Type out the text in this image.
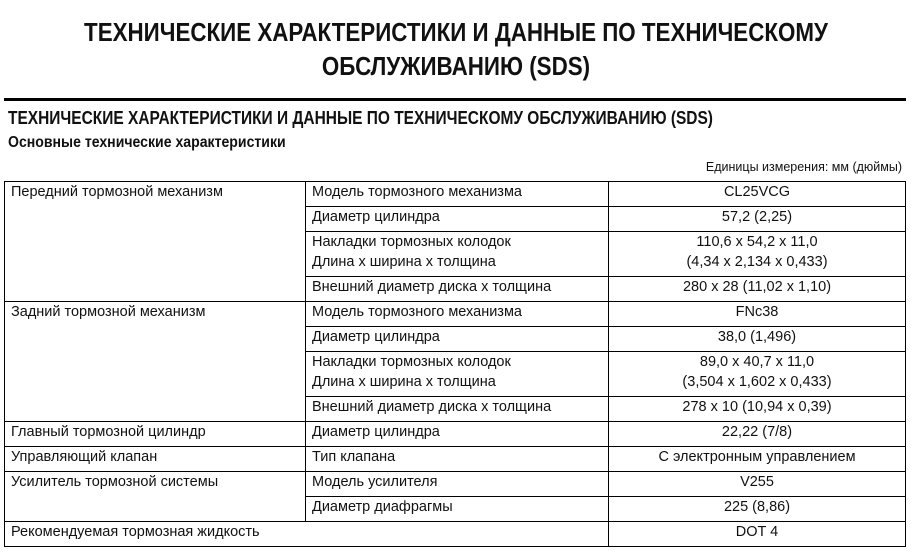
ТЕХНИЧЕСКИЕ ХАРАКТЕРИСТИКИ И ДАННЫЕ ПО ТЕХНИЧЕСКОМУ
ОБСЛУЖИВАНИЮ (SDS)
ТЕХНИЧЕСКИЕ ХАРАКТЕРИСТИКИ И ДАННЫЕ ПО ТЕХНИЧЕСКОМУ ОБСЛУЖИВАНИЮ (SDS)
Основные технические характеристики
Единицы измерения: мм (дюймы)
Передний тормозной механизм	Модель тормозного механизма	CL25VCG

	Диаметр цилиндра	57,2 (2,25)

	Накладки тормозных колодок
Длина х ширина х толщина	110,6 х 54,2 х 11,0
(4,34 х 2,134 х 0,433)

	Внешний диаметр диска х толщина	280 х 28 (11,02 х 1,10)

Задний тормозной механизм	Модель тормозного механизма	FNc38

	Диаметр цилиндра	38,0 (1,496)

	Накладки тормозных колодок
Длина х ширина х толщина	89,0 х 40,7 х 11,0
(3,504 х 1,602 х 0,433)

	Внешний диаметр диска х толщина	278 х 10 (10,94 х 0,39)

Главный тормозной цилиндр	Диаметр цилиндра	22,22 (7/8)
Управляющий клапан	Тип клапана	С электронным управлением
Усилитель тормозной системы	Модель усилителя	V255
	Диаметр диафрагмы	225 (8,86)
Рекомендуемая тормозная жидкость		DOT 4
